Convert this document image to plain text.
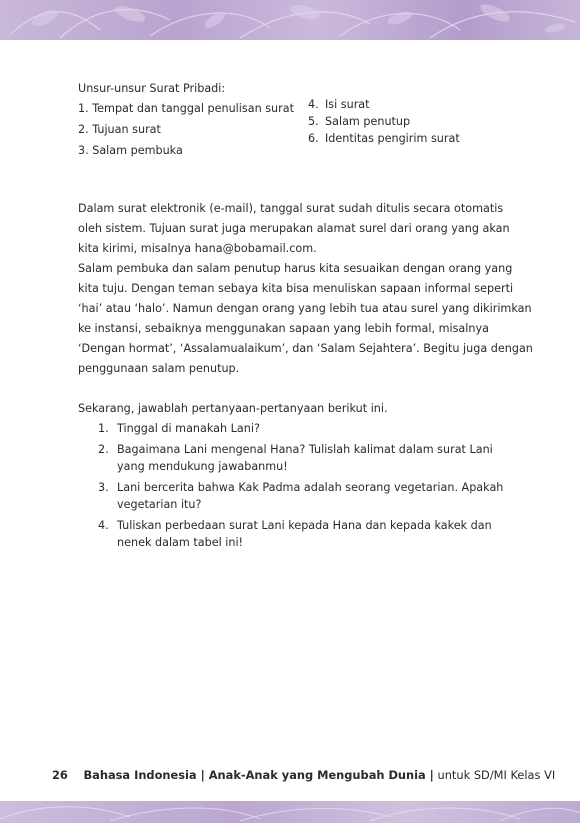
Unsur-unsur Surat Pribadi:

1. Tempat dan tanggal penulisan surat
2. Tujuan surat
3. Salam pembuka
4. Isi surat
5. Salam penutup
6. Identitas pengirim surat
Dalam surat elektronik (e-mail), tanggal surat sudah ditulis secara otomatis
oleh sistem. Tujuan surat juga merupakan alamat surel dari orang yang akan
kita kirimi, misalnya hana@bobamail.com.
Salam pembuka dan salam penutup harus kita sesuaikan dengan orang yang
kita tuju. Dengan teman sebaya kita bisa menuliskan sapaan informal seperti
‘hai’ atau ‘halo’. Namun dengan orang yang lebih tua atau surel yang dikirimkan
ke instansi, sebaiknya menggunakan sapaan yang lebih formal, misalnya
‘Dengan hormat’, ‘Assalamualaikum’, dan ‘Salam Sejahtera’. Begitu juga dengan
penggunaan salam penutup.

Sekarang, jawablah pertanyaan-pertanyaan berikut ini.

1. Tinggal di manakah Lani?
2. Bagaimana Lani mengenal Hana? Tulislah kalimat dalam surat Lani yang mendukung jawabanmu!
3. Lani bercerita bahwa Kak Padma adalah seorang vegetarian. Apakah vegetarian itu?
4. Tuliskan perbedaan surat Lani kepada Hana dan kepada kakek dan nenek dalam tabel ini!
26 Bahasa Indonesia | Anak-Anak yang Mengubah Dunia | untuk SD/MI Kelas VI
